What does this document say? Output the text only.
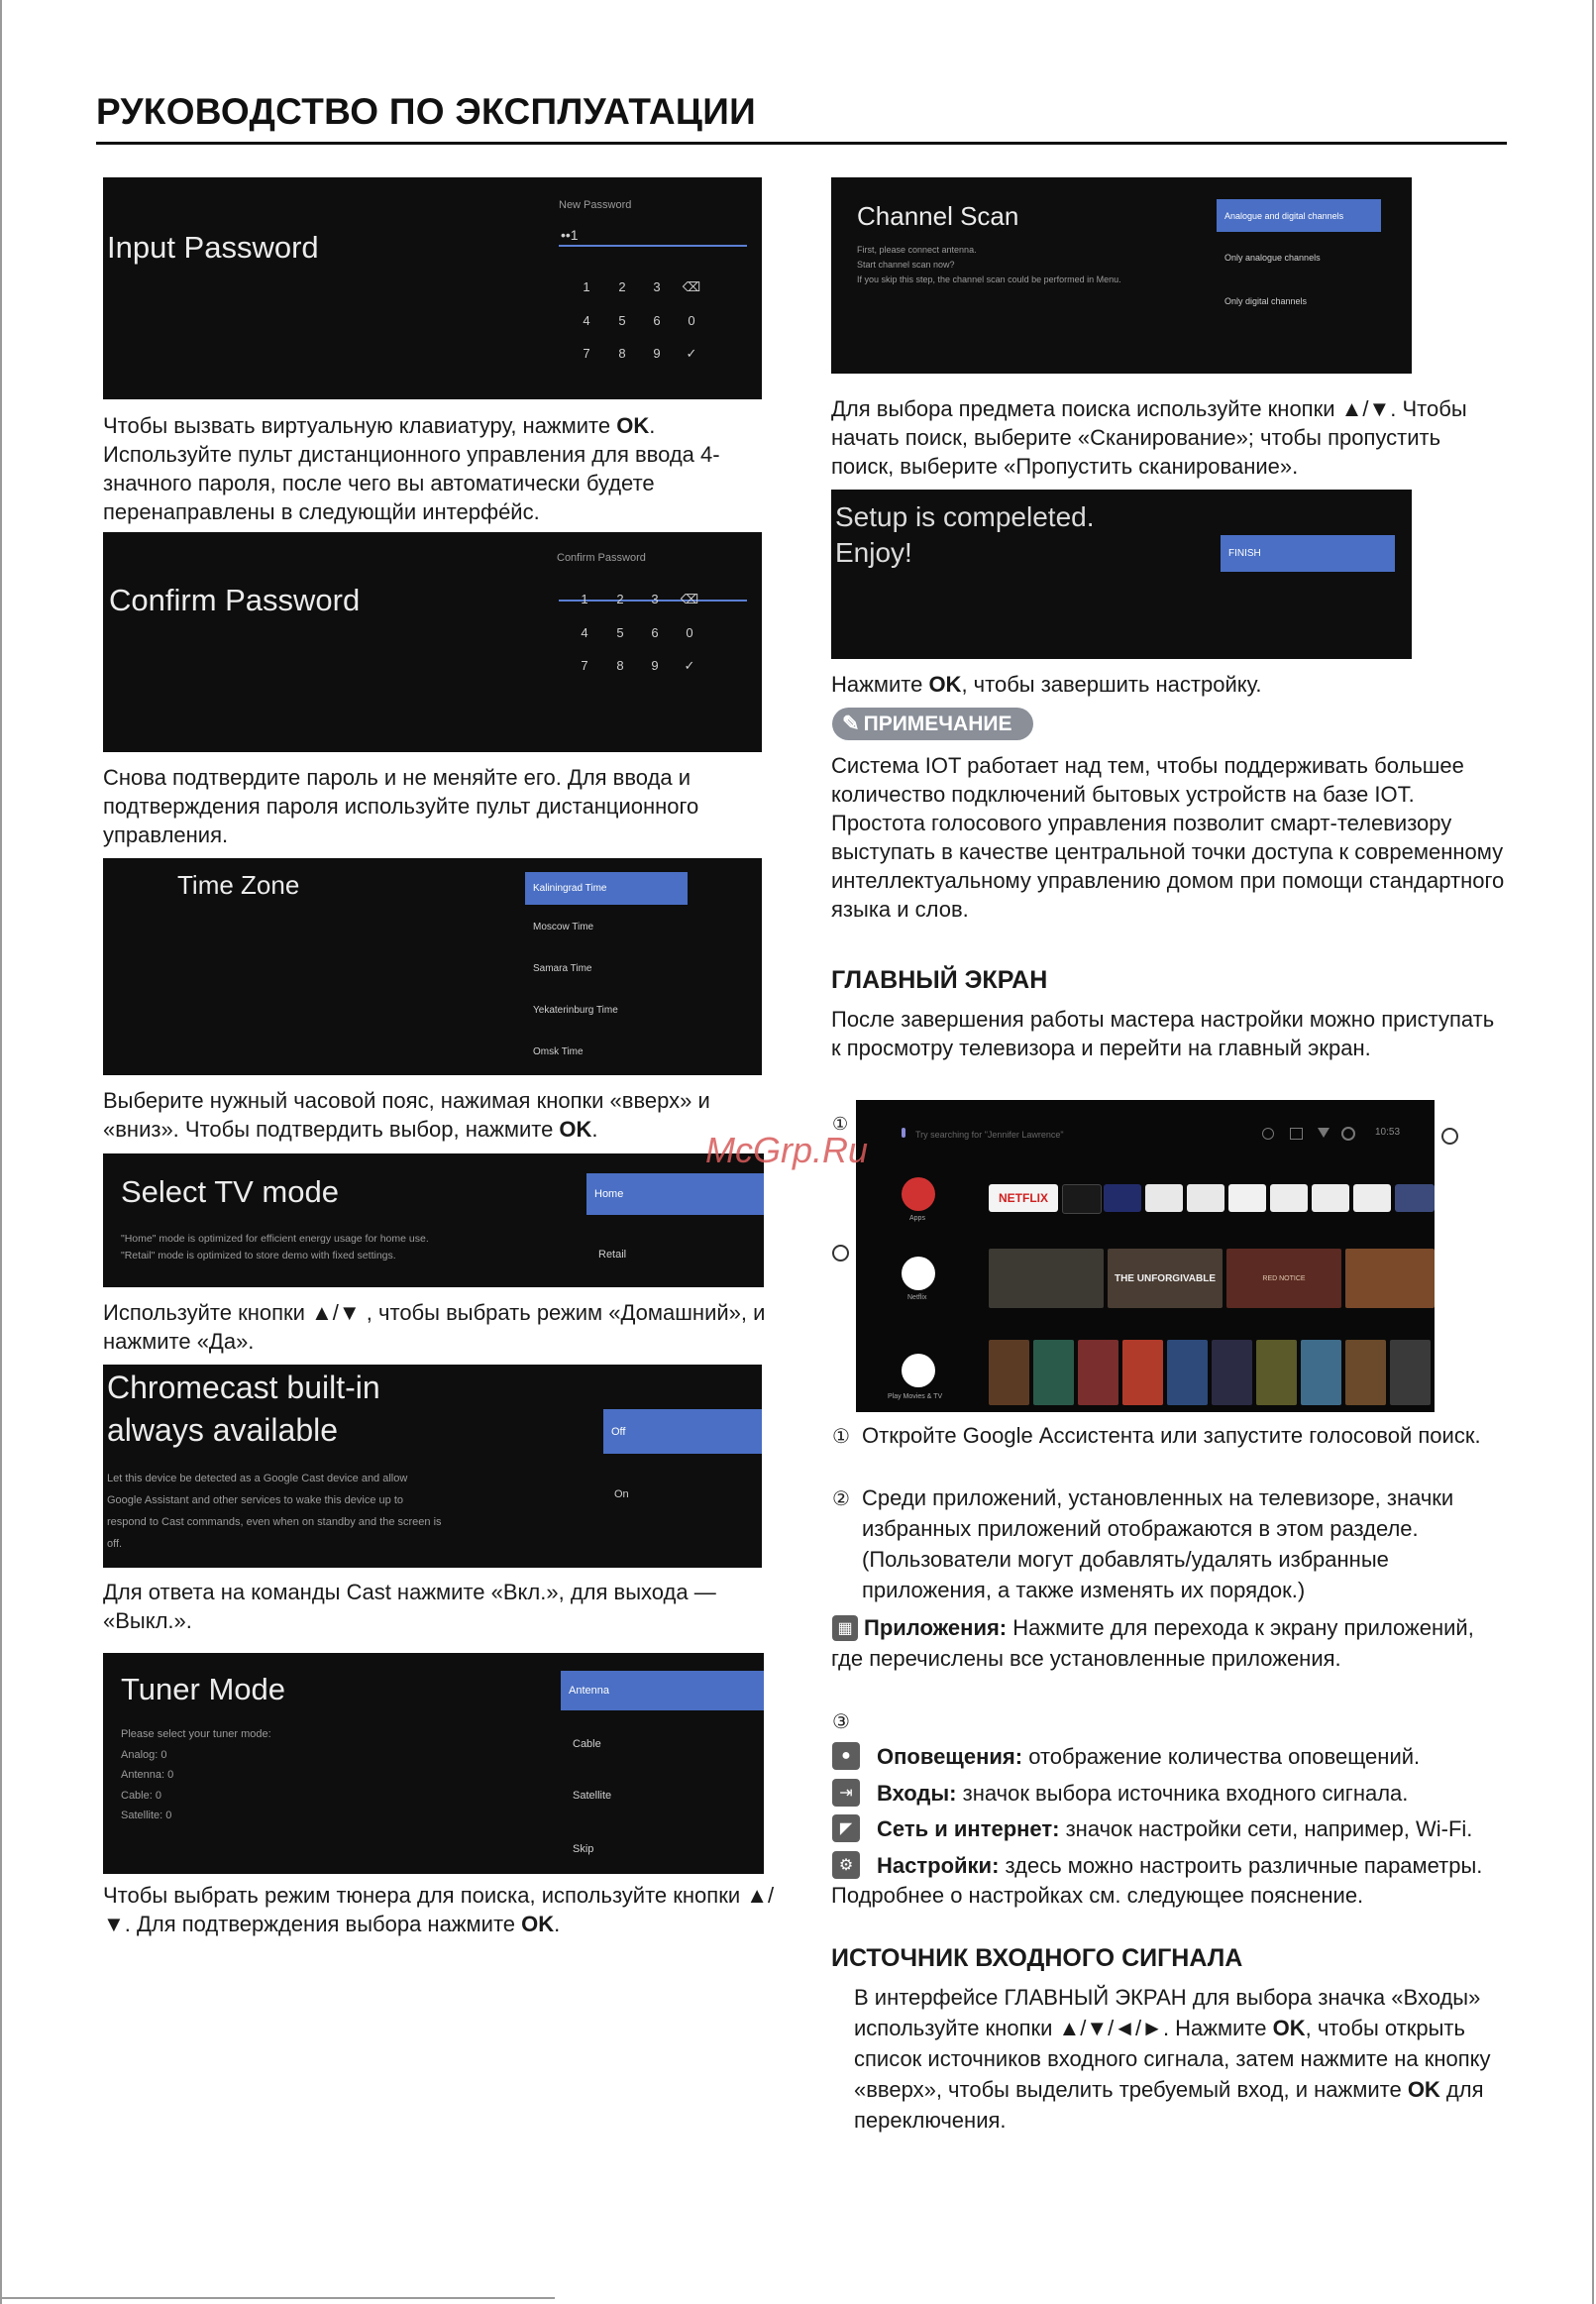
РУКОВОДСТВО ПО ЭКСПЛУАТАЦИИ
Input Password
New Password
••1
1	2	3	⌫
4	5	6	0
7	8	9	✓
Чтобы вызвать виртуальную клавиатуру, нажмите OK. Используйте пульт дистанционного управления для ввода 4-значного пароля, после чего вы автоматически будете перенаправлены в следующйи интерфе́йс.
Confirm Password
Confirm Password
1	2	3	⌫
4	5	6	0
7	8	9	✓
Снова подтвердите пароль и не меняйте его. Для ввода и подтверждения пароля используйте пульт дистанционного управления.
Time Zone	Kaliningrad Time
Moscow Time
Samara Time
Yekaterinburg Time
Omsk Time
Выберите нужный часовой пояс, нажимая кнопки «вверх» и «вниз». Чтобы подтвердить выбор, нажмите OK.
Select TV mode
"Home" mode is optimized for efficient energy usage for home use.
"Retail" mode is optimized to store demo with fixed settings.
Home
Retail
Используйте кнопки ▲/▼ , чтобы выбрать режим «Домашний», и нажмите «Да».
Chromecast built-in
always available
Let this device be detected as a Google Cast device and allow
Google Assistant and other services to wake this device up to
respond to Cast commands, even when on standby and the screen is
off.
Off
On
Для ответа на команды Cast нажмите «Вкл.», для выхода — «Выкл.».
Tuner Mode
Please select your tuner mode:
Analog: 0
Antenna: 0
Cable: 0
Satellite: 0
Antenna
Cable
Satellite
Skip
Чтобы выбрать режим тюнера для поиска, используйте кнопки ▲/▼. Для подтверждения выбора нажмите OK.
Channel Scan
First, please connect antenna.
Start channel scan now?
If you skip this step, the channel scan could be performed in Menu.
Analogue and digital channels
Only analogue channels
Only digital channels
Для выбора предмета поиска используйте кнопки ▲/▼. Чтобы начать поиск, выберите «Сканирование»; чтобы пропустить поиск, выберите «Пропустить сканирование».
Setup is compeleted.
Enjoy!	FINISH
Нажмите OK, чтобы завершить настройку.
✎ ПРИМЕЧАНИЕ
Система IOT работает над тем, чтобы поддерживать большее количество подключений бытовых устройств на базе IOT. Простота голосового управления позволит смарт-телевизору выступать в качестве центральной точки доступа к современному интеллектуальному управлению домом при помощи стандартного языка и слов.
ГЛАВНЫЙ ЭКРАН
После завершения работы мастера настройки можно приступать к просмотру телевизора и перейти на главный экран.
①
Try searching for "Jennifer Lawrence"	10:53
Apps
Netflix
Play Movies & TV
NETFLIX
THE UNFORGIVABLE	RED NOTICE
McGrp.Ru
① Откройте Google Ассистента или запустите голосовой поиск.
② Среди приложений, установленных на телевизоре, значки избранных приложений отображаются в этом разделе. (Пользователи могут добавлять/удалять избранные приложения, а также изменять их порядок.)
▦ Приложения: Нажмите для перехода к экрану приложений, где перечислены все установленные приложения.
③
●	Оповещения: отображение количества оповещений.
⇥	Входы: значок выбора источника входного сигнала.
◤	Сеть и интернет: значок настройки сети, например, Wi-Fi.
⚙	Настройки: здесь можно настроить различные параметры.
Подробнее о настройках см. следующее пояснение.
ИСТОЧНИК ВХОДНОГО СИГНАЛА
В интерфейсе ГЛАВНЫЙ ЭКРАН для выбора значка «Входы» используйте кнопки ▲/▼/◄/►. Нажмите OK, чтобы открыть список источников входного сигнала, затем нажмите на кнопку «вверх», чтобы выделить требуемый вход, и нажмите OK для переключения.
